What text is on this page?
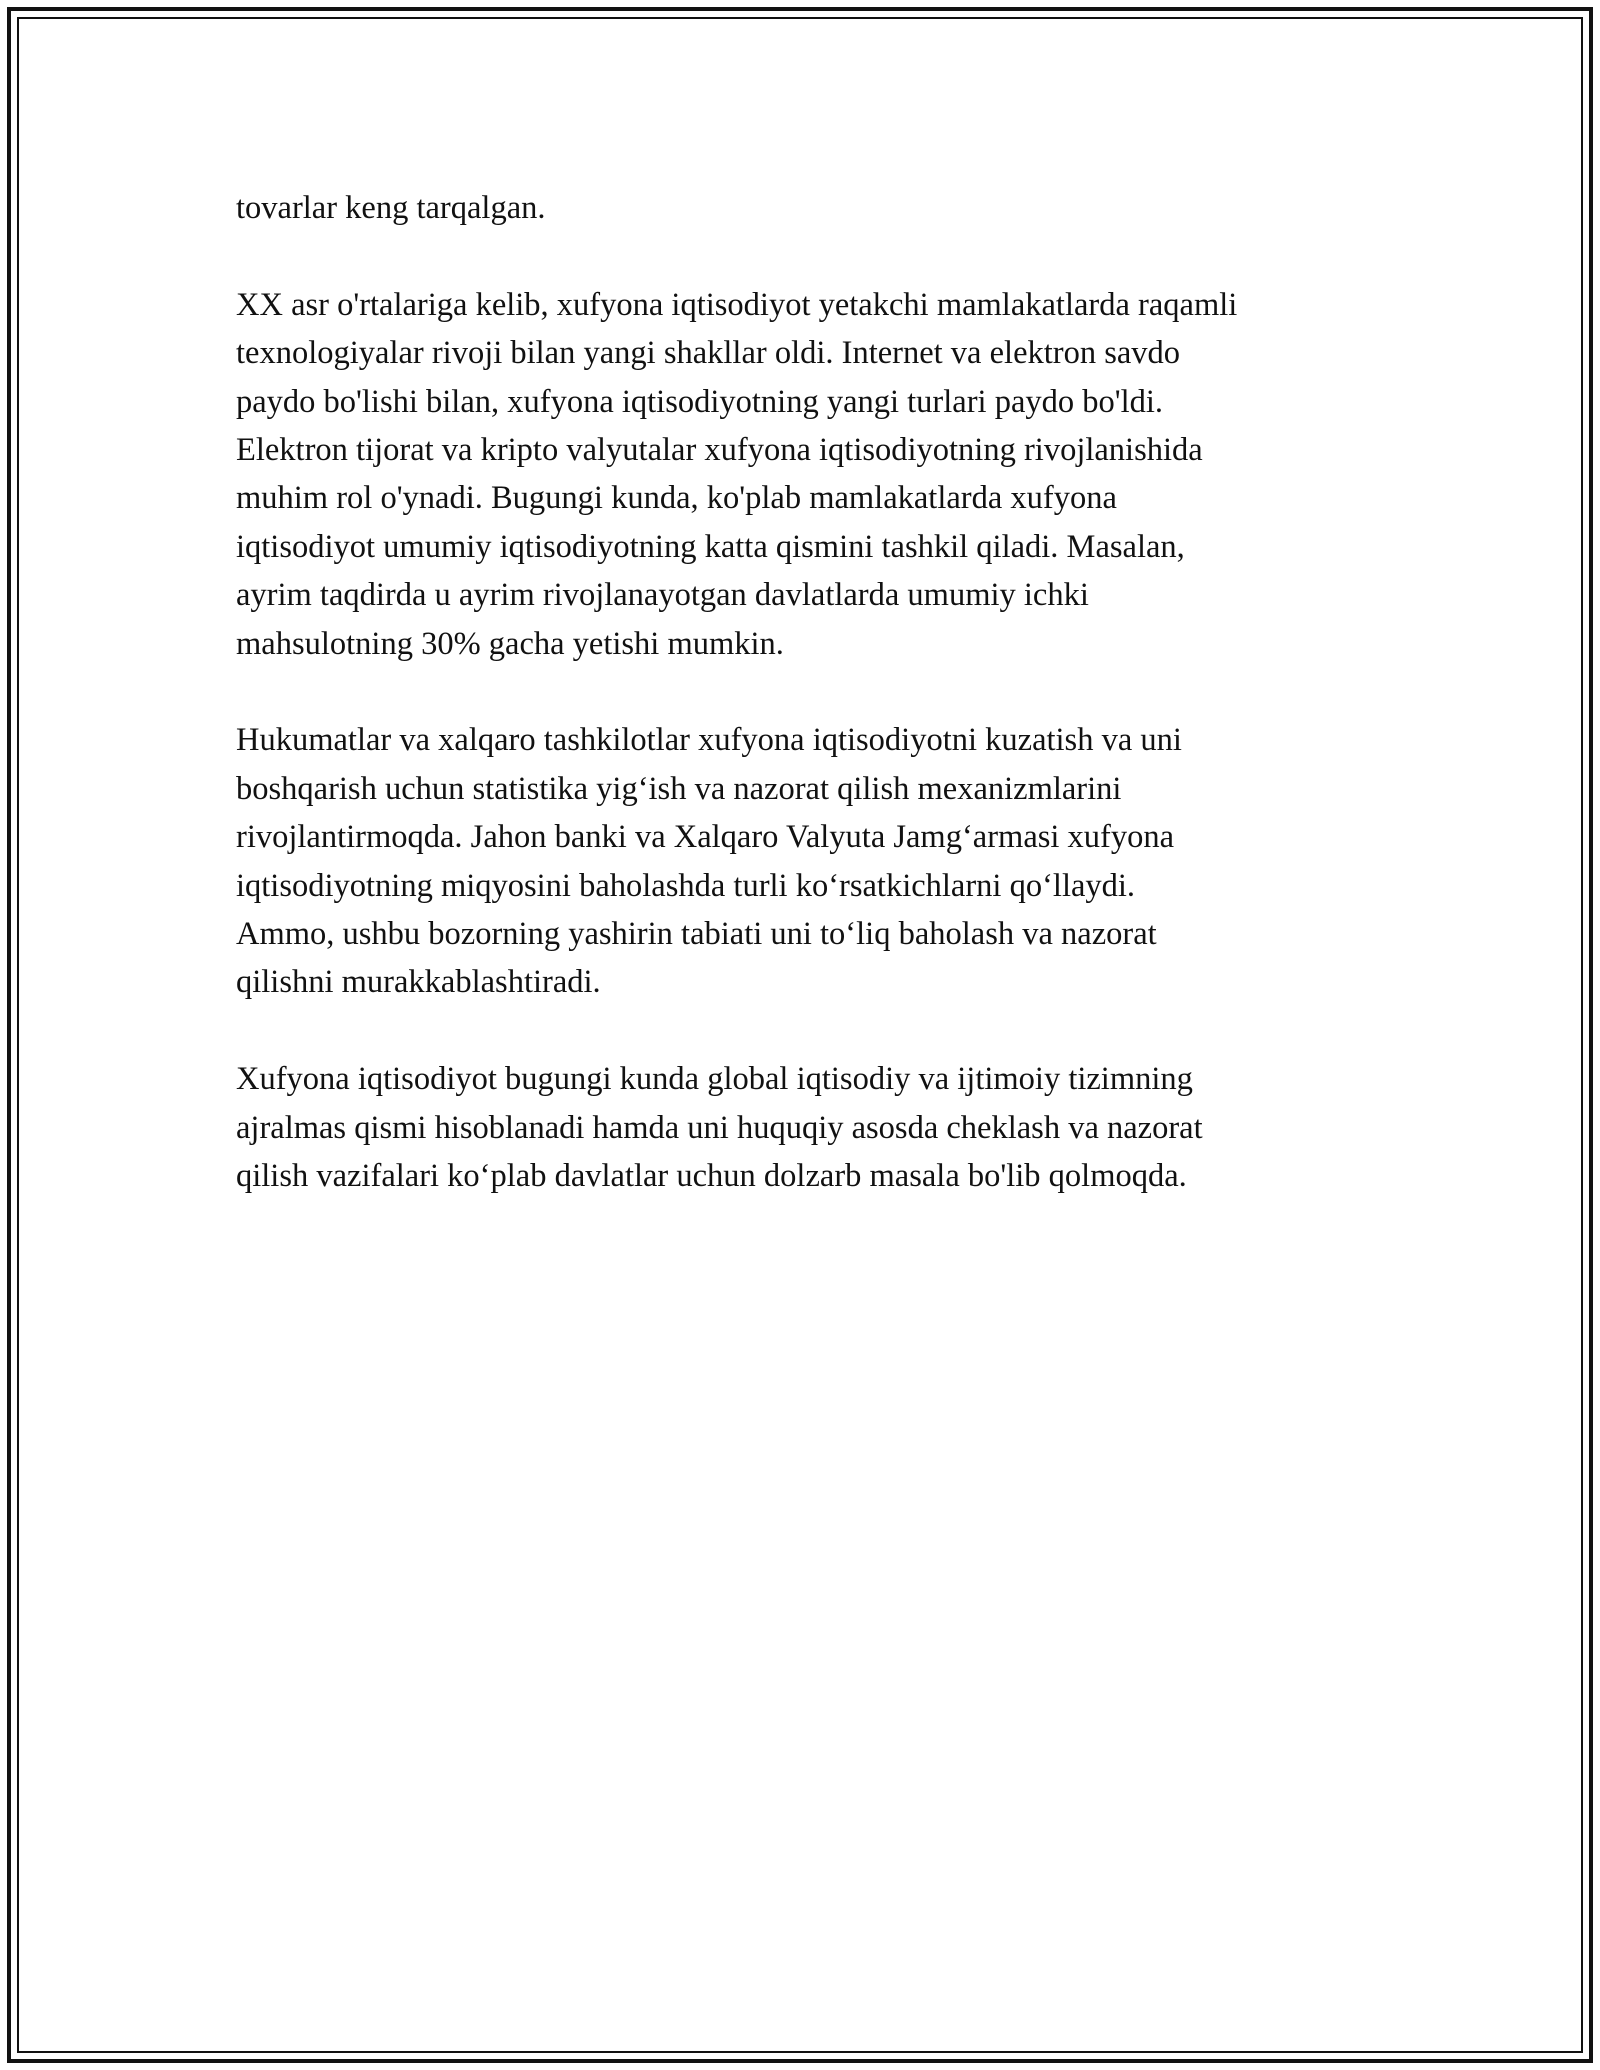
tovarlar keng tarqalgan.

XX asr o'rtalariga kelib, xufyona iqtisodiyot yetakchi mamlakatlarda raqamli
texnologiyalar rivoji bilan yangi shakllar oldi. Internet va elektron savdo
paydo bo'lishi bilan, xufyona iqtisodiyotning yangi turlari paydo bo'ldi.
Elektron tijorat va kripto valyutalar xufyona iqtisodiyotning rivojlanishida
muhim rol o'ynadi. Bugungi kunda, ko'plab mamlakatlarda xufyona
iqtisodiyot umumiy iqtisodiyotning katta qismini tashkil qiladi. Masalan,
ayrim taqdirda u ayrim rivojlanayotgan davlatlarda umumiy ichki
mahsulotning 30% gacha yetishi mumkin.

Hukumatlar va xalqaro tashkilotlar xufyona iqtisodiyotni kuzatish va uni
boshqarish uchun statistika yig‘ish va nazorat qilish mexanizmlarini
rivojlantirmoqda. Jahon banki va Xalqaro Valyuta Jamg‘armasi xufyona
iqtisodiyotning miqyosini baholashda turli ko‘rsatkichlarni qo‘llaydi.
Ammo, ushbu bozorning yashirin tabiati uni to‘liq baholash va nazorat
qilishni murakkablashtiradi.

Xufyona iqtisodiyot bugungi kunda global iqtisodiy va ijtimoiy tizimning
ajralmas qismi hisoblanadi hamda uni huquqiy asosda cheklash va nazorat
qilish vazifalari ko‘plab davlatlar uchun dolzarb masala bo'lib qolmoqda.
